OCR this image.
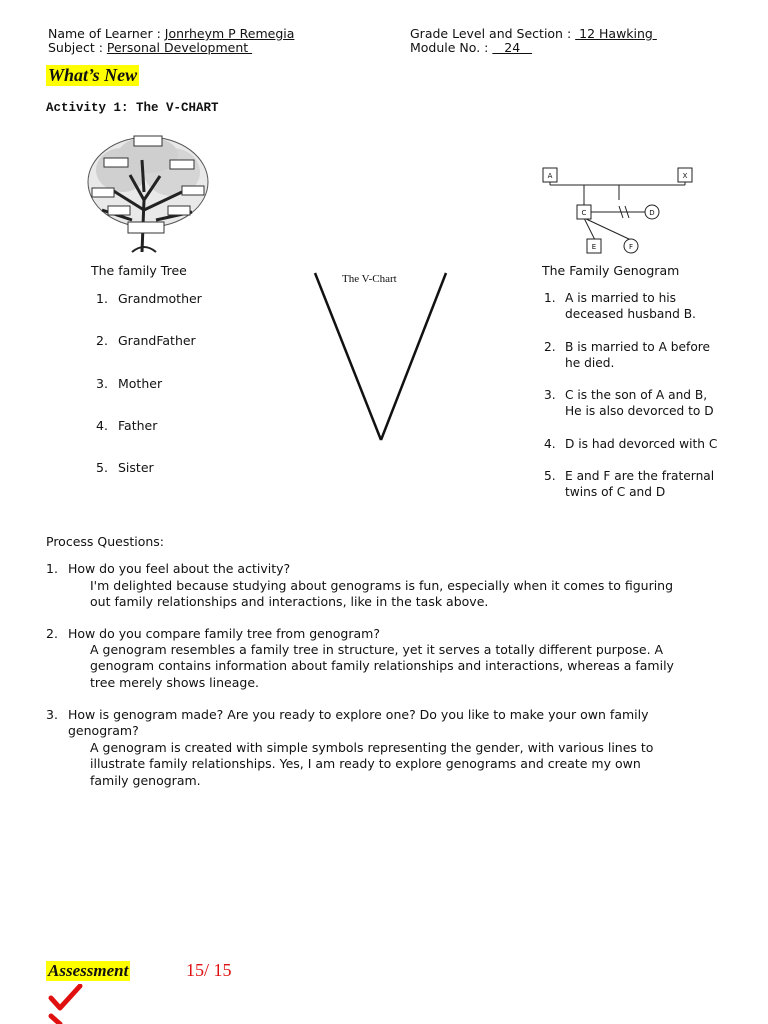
Name of Learner : Jonrheym P Remegia	Grade Level and Section :  12 Hawking
Subject : Personal Development	Module No. :    24
What’s New
Activity 1: The V-CHART
A	X
C	D
E	F
The V-Chart
The family Tree
1. Grandmother
2. GrandFather
3. Mother
4. Father
5. Sister
The Family Genogram
1. A is married to his
deceased husband B.
2. B is married to A before
he died.
3. C is the son of A and B,
He is also devorced to D
4. D is had devorced with C
5. E and F are the fraternal
twins of C and D
Process Questions:
1. How do you feel about the activity?
I'm delighted because studying about genograms is fun, especially when it comes to figuring
out family relationships and interactions, like in the task above.
2. How do you compare family tree from genogram?
A genogram resembles a family tree in structure, yet it serves a totally different purpose. A
genogram contains information about family relationships and interactions, whereas a family
tree merely shows lineage.
3. How is genogram made? Are you ready to explore one? Do you like to make your own family
genogram?
A genogram is created with simple symbols representing the gender, with various lines to
illustrate family relationships. Yes, I am ready to explore genograms and create my own
family genogram.
Assessment	15/ 15
